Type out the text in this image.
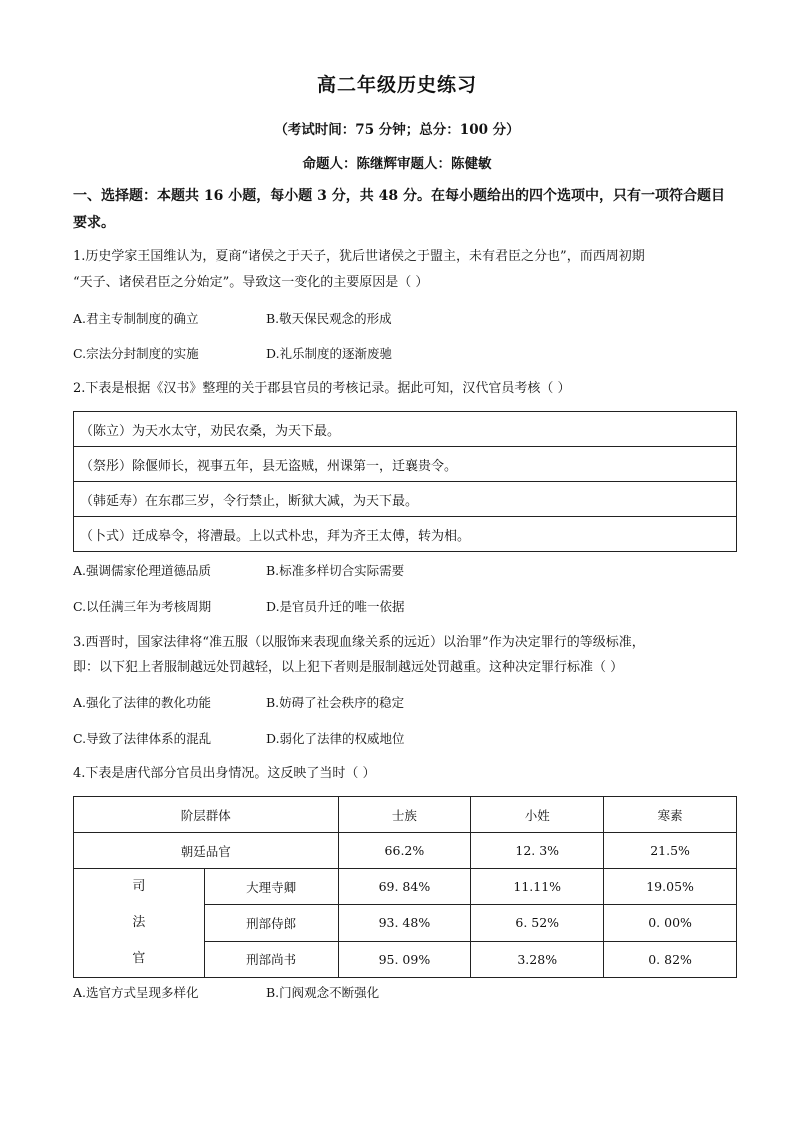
高二年级历史练习
（考试时间：75 分钟；总分：100 分）
命题人：陈继辉审题人：陈健敏
一、选择题：本题共 16 小题，每小题 3 分，共 48 分。在每小题给出的四个选项中，只有一项符合题目要求。
1.历史学家王国维认为，夏商“诸侯之于天子，犹后世诸侯之于盟主，未有君臣之分也”，而西周初期
“天子、诸侯君臣之分始定”。导致这一变化的主要原因是（ ）
A.君主专制制度的确立	B.敬天保民观念的形成
C.宗法分封制度的实施	D.礼乐制度的逐渐废驰
2.下表是根据《汉书》整理的关于郡县官员的考核记录。据此可知，汉代官员考核（ ）
（陈立）为天水太守，劝民农桑，为天下最。
（祭彤）除偃师长，视事五年，县无盗贼，州课第一，迁襄贵令。
（韩延寿）在东郡三岁，令行禁止，断狱大减，为天下最。
（卜式）迁成皋令，将漕最。上以式朴忠，拜为齐王太傅，转为相。
A.强调儒家伦理道德品质	B.标准多样切合实际需要
C.以任满三年为考核周期	D.是官员升迁的唯一依据
3.西晋时，国家法律将“准五服（以服饰来表现血缘关系的远近）以治罪”作为决定罪行的等级标准，
即：以下犯上者服制越远处罚越轻，以上犯下者则是服制越远处罚越重。这种决定罪行标准（ ）
A.强化了法律的教化功能	B.妨碍了社会秩序的稳定
C.导致了法律体系的混乱	D.弱化了法律的权威地位
4.下表是唐代部分官员出身情况。这反映了当时（ ）
阶层群体		士族	小姓	寒素
朝廷品官		66.2%	12. 3%	21.5%
司
法
官	大理寺卿	69. 84%	11.11%	19.05%
	刑部侍郎	93. 48%	6. 52%	0. 00%
	刑部尚书	95. 09%	3.28%	0. 82%
A.选官方式呈现多样化	B.门阀观念不断强化
